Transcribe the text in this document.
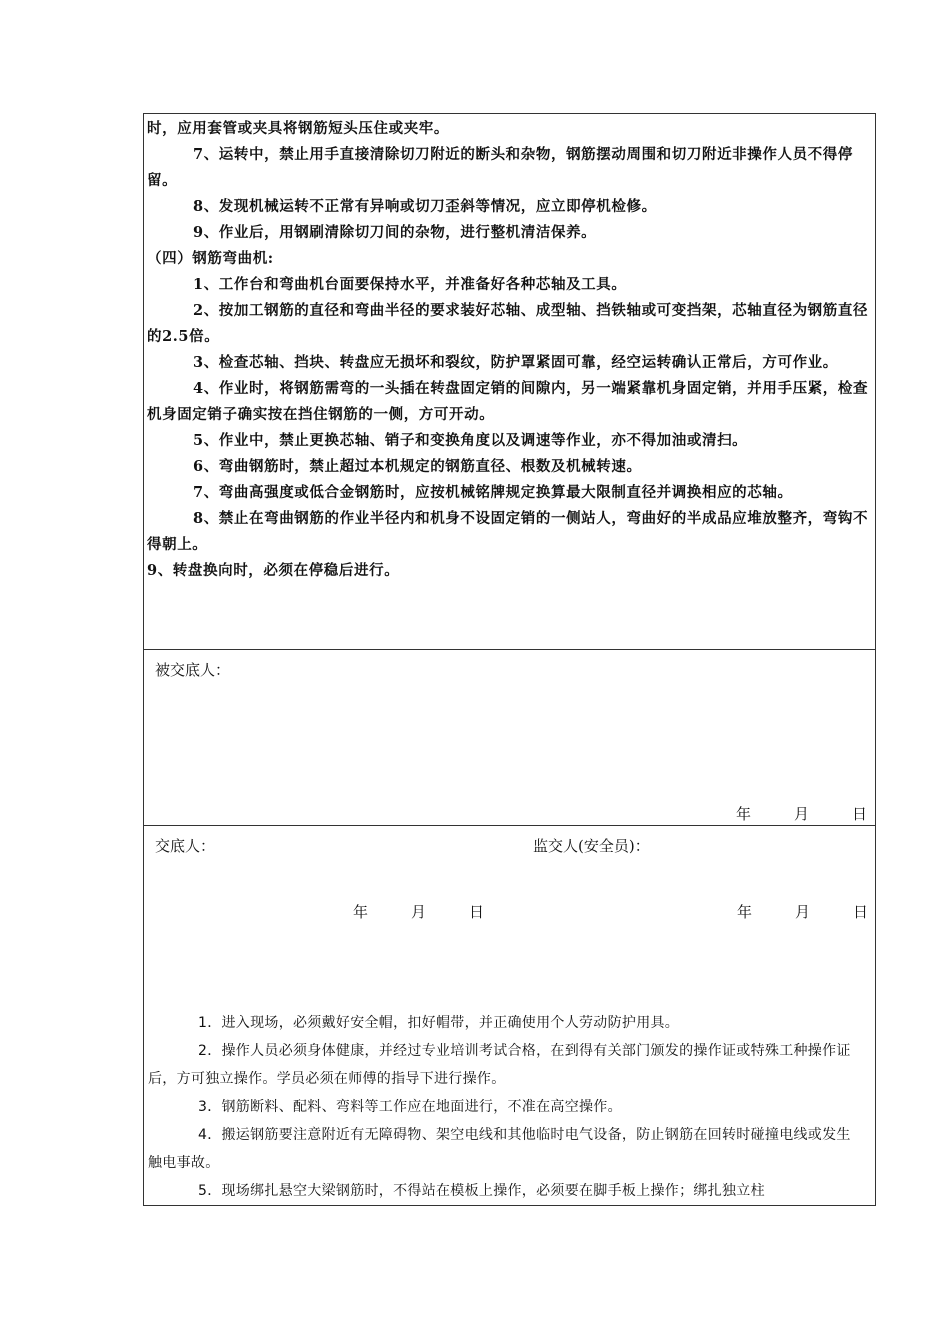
时，应用套管或夹具将钢筋短头压住或夹牢。

7、运转中，禁止用手直接清除切刀附近的断头和杂物，钢筋摆动周围和切刀附近非操作人员不得停留。

8、发现机械运转不正常有异响或切刀歪斜等情况，应立即停机检修。

9、作业后，用钢刷清除切刀间的杂物，进行整机清洁保养。

（四）钢筋弯曲机:

1、工作台和弯曲机台面要保持水平，并准备好各种芯轴及工具。

2、按加工钢筋的直径和弯曲半径的要求装好芯轴、成型轴、挡铁轴或可变挡架，芯轴直径为钢筋直径的2.5倍。

3、检查芯轴、挡块、转盘应无损坏和裂纹，防护罩紧固可靠，经空运转确认正常后，方可作业。

4、作业时，将钢筋需弯的一头插在转盘固定销的间隙内，另一端紧靠机身固定销，并用手压紧，检查机身固定销子确实按在挡住钢筋的一侧，方可开动。

5、作业中，禁止更换芯轴、销子和变换角度以及调速等作业，亦不得加油或清扫。

6、弯曲钢筋时，禁止超过本机规定的钢筋直径、根数及机械转速。

7、弯曲高强度或低合金钢筋时，应按机械铭牌规定换算最大限制直径并调换相应的芯轴。

8、禁止在弯曲钢筋的作业半径内和机身不设固定销的一侧站人，弯曲好的半成品应堆放整齐，弯钩不得朝上。

9、转盘换向时，必须在停稳后进行。

被交底人：
年	月	日
交底人：	监交人(安全员)：
年	月	日	年	月	日

1．进入现场，必须戴好安全帽，扣好帽带，并正确使用个人劳动防护用具。

2．操作人员必须身体健康，并经过专业培训考试合格，在到得有关部门颁发的操作证或特殊工种操作证后，方可独立操作。学员必须在师傅的指导下进行操作。

3．钢筋断料、配料、弯料等工作应在地面进行，不准在高空操作。

4．搬运钢筋要注意附近有无障碍物、架空电线和其他临时电气设备，防止钢筋在回转时碰撞电线或发生触电事故。

5．现场绑扎悬空大梁钢筋时，不得站在模板上操作，必须要在脚手板上操作；绑扎独立柱
